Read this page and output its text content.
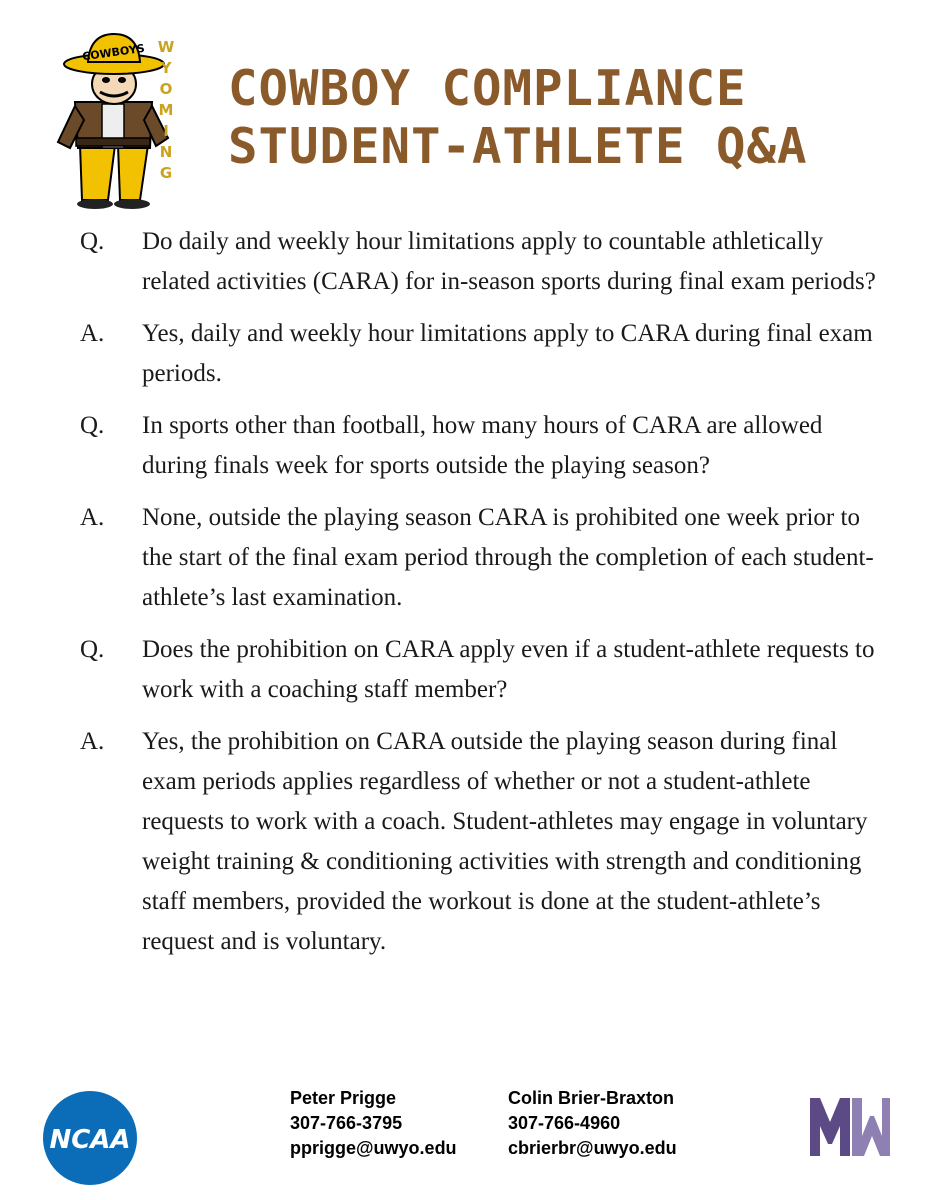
COWBOYS W
Y
O
M
I
N
G
COWBOY COMPLIANCE
STUDENT-ATHLETE Q&A
Q.	Do daily and weekly hour limitations apply to countable athletically related activities (CARA) for in-season sports during final exam periods?
A.	Yes, daily and weekly hour limitations apply to CARA during final exam periods.
Q.	In sports other than football, how many hours of CARA are allowed during finals week for sports outside the playing season?
A.	None, outside the playing season CARA is prohibited one week prior to the start of the final exam period through the completion of each student-athlete’s last examination.
Q.	Does the prohibition on CARA apply even if a student-athlete requests to work with a coaching staff member?
A.	Yes, the prohibition on CARA outside the playing season during final exam periods applies regardless of whether or not a student-athlete requests to work with a coach. Student-athletes may engage in voluntary weight training & conditioning activities with strength and conditioning staff members, provided the workout is done at the student-athlete’s request and is voluntary.
NCAA
Peter Prigge
307-766-3795
pprigge@uwyo.edu
Colin Brier-Braxton
307-766-4960
cbrierbr@uwyo.edu
